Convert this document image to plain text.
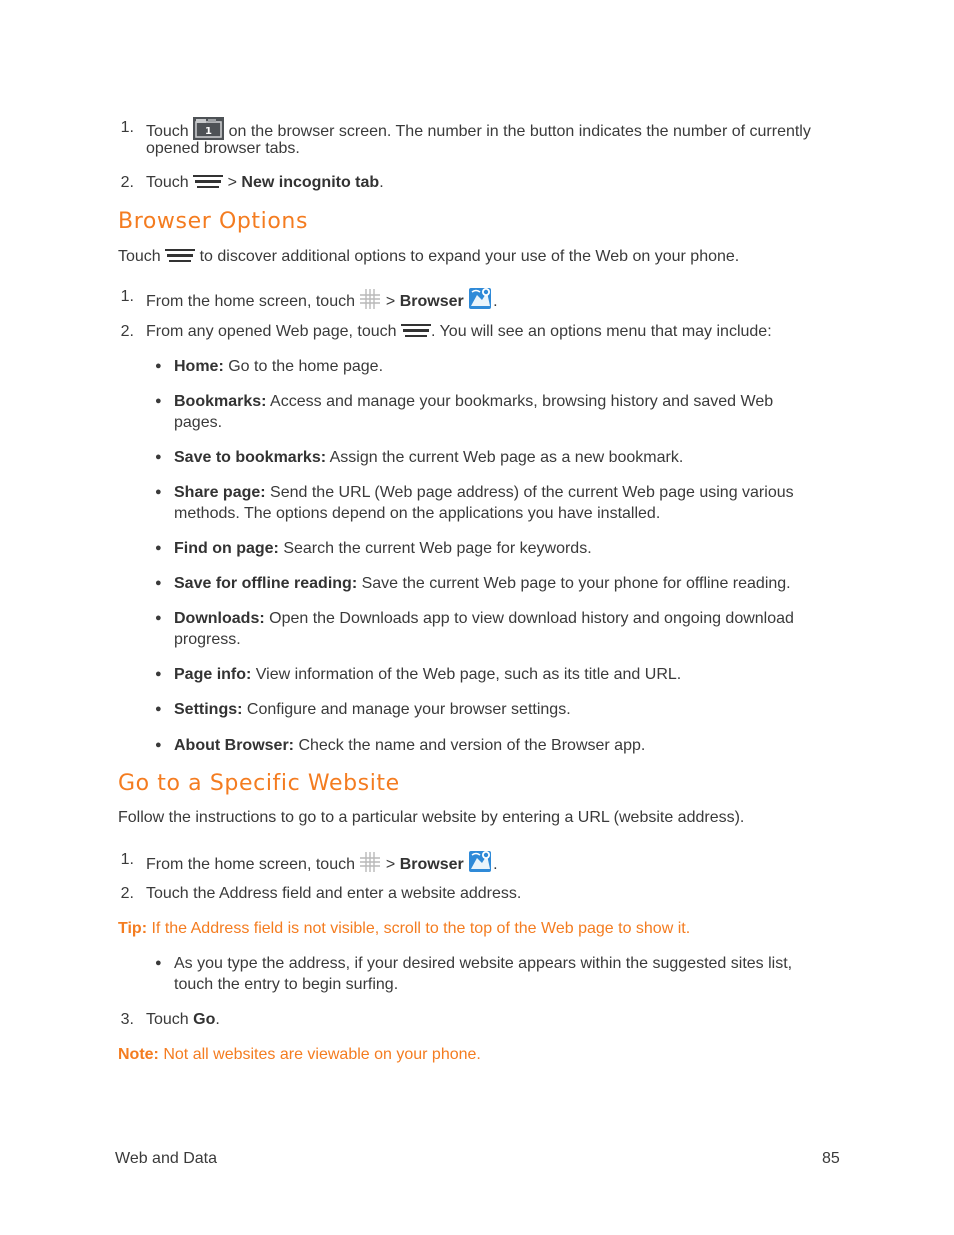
1. Touch 1 on the browser screen. The number in the button indicates the number of currently
opened browser tabs.
2. Touch > New incognito tab.
Browser Options
Touch to discover additional options to expand your use of the Web on your phone.
1. From the home screen, touch > Browser .
2. From any opened Web page, touch . You will see an options menu that may include:
● Home: Go to the home page.
● Bookmarks: Access and manage your bookmarks, browsing history and saved Web
pages.
● Save to bookmarks: Assign the current Web page as a new bookmark.
● Share page: Send the URL (Web page address) of the current Web page using various
methods. The options depend on the applications you have installed.
● Find on page: Search the current Web page for keywords.
● Save for offline reading: Save the current Web page to your phone for offline reading.
● Downloads: Open the Downloads app to view download history and ongoing download
progress.
● Page info: View information of the Web page, such as its title and URL.
● Settings: Configure and manage your browser settings.
● About Browser: Check the name and version of the Browser app.
Go to a Specific Website
Follow the instructions to go to a particular website by entering a URL (website address).
1. From the home screen, touch > Browser .
2. Touch the Address field and enter a website address.
Tip: If the Address field is not visible, scroll to the top of the Web page to show it.
● As you type the address, if your desired website appears within the suggested sites list,
touch the entry to begin surfing.
3. Touch Go.
Note: Not all websites are viewable on your phone.
Web and Data	85
